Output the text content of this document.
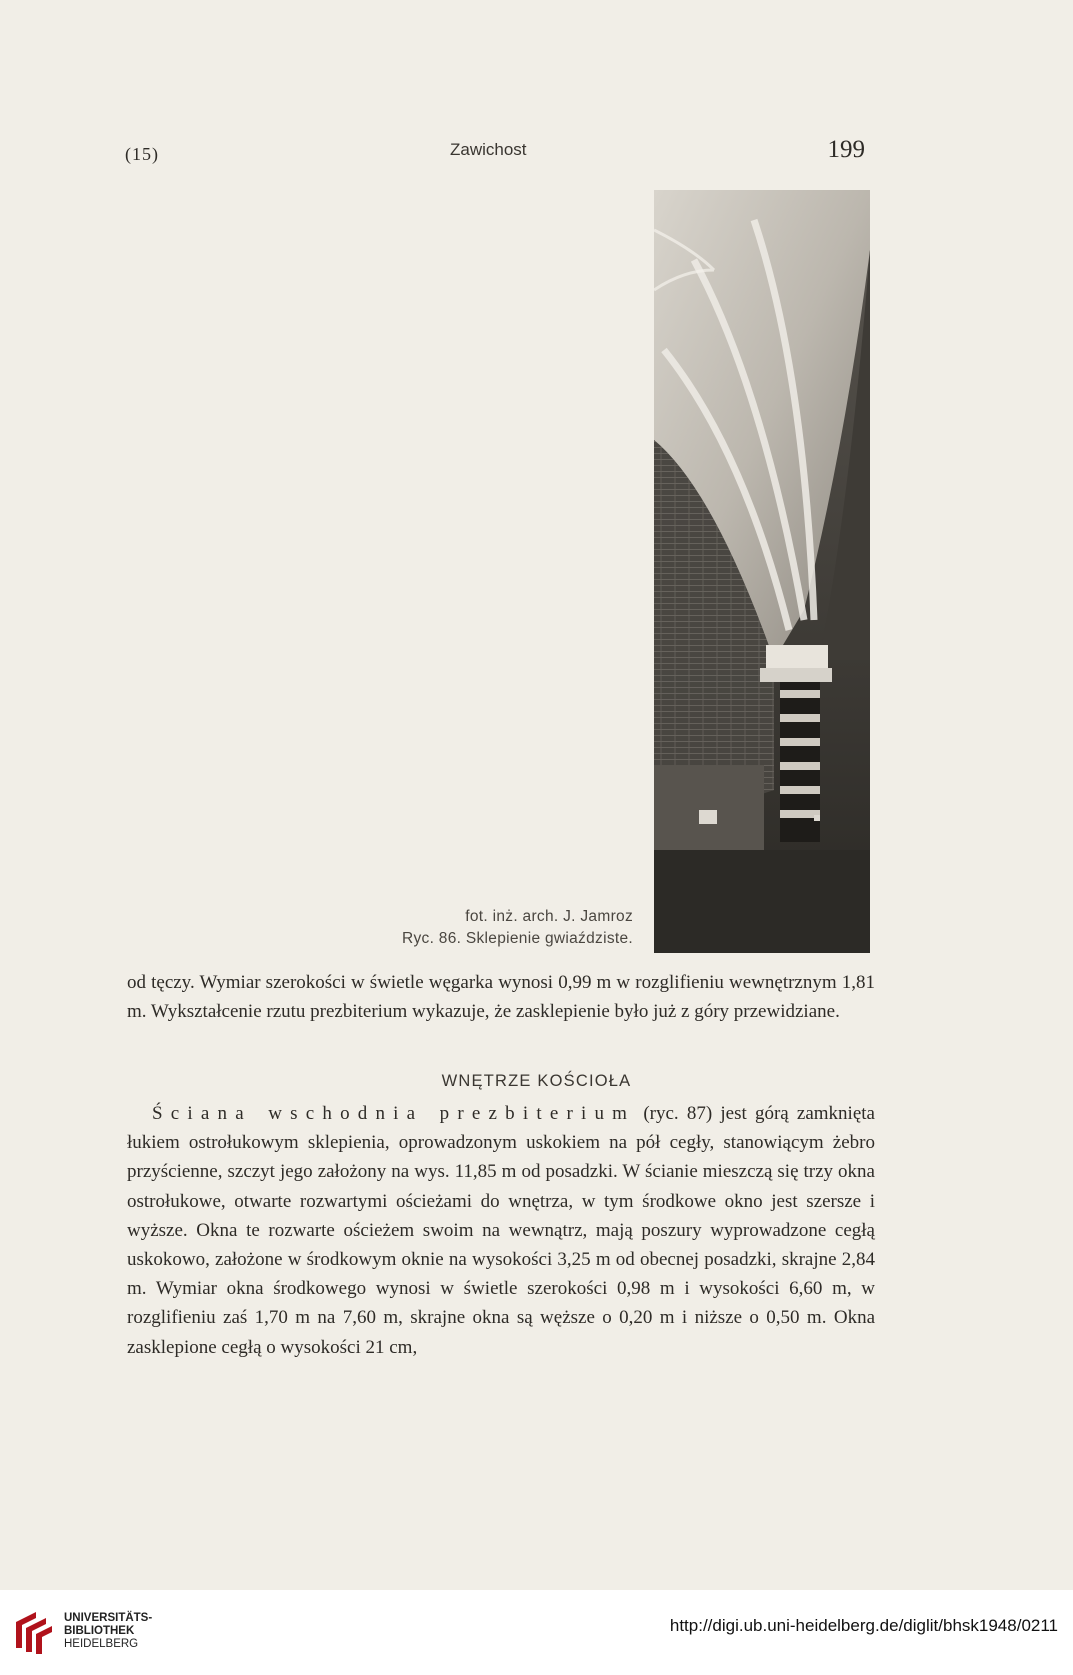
(15)	Zawichost	199
fot. inż. arch. J. Jamroz
Ryc. 86. Sklepienie gwiaździste.

od tęczy. Wymiar szerokości w świetle węgarka wynosi 0,99 m w rozglifieniu wewnętrznym 1,81 m. Wykształcenie rzutu prezbiterium wykazuje, że zasklepienie było już z góry przewidziane.

WNĘTRZE KOŚCIOŁA

Ściana wschodnia prezbiterium (ryc. 87) jest górą zamknięta łukiem ostrołukowym sklepienia, oprowadzonym uskokiem na pół cegły, stanowiącym żebro przyścienne, szczyt jego założony na wys. 11,85 m od posadzki. W ścianie mieszczą się trzy okna ostrołukowe, otwarte rozwartymi ościeżami do wnętrza, w tym środkowe okno jest szersze i wyższe. Okna te rozwarte ościeżem swoim na wewnątrz, mają poszury wyprowadzone cegłą uskokowo, założone w środkowym oknie na wysokości 3,25 m od obecnej posadzki, skrajne 2,84 m. Wymiar okna środkowego wynosi w świetle szerokości 0,98 m i wysokości 6,60 m, w rozglifieniu zaś 1,70 m na 7,60 m, skrajne okna są węższe o 0,20 m i niższe o 0,50 m. Okna zasklepione cegłą o wysokości 21 cm,

UNIVERSITÄTS-
BIBLIOTHEK
HEIDELBERG
http://digi.ub.uni-heidelberg.de/diglit/bhsk1948/0211
